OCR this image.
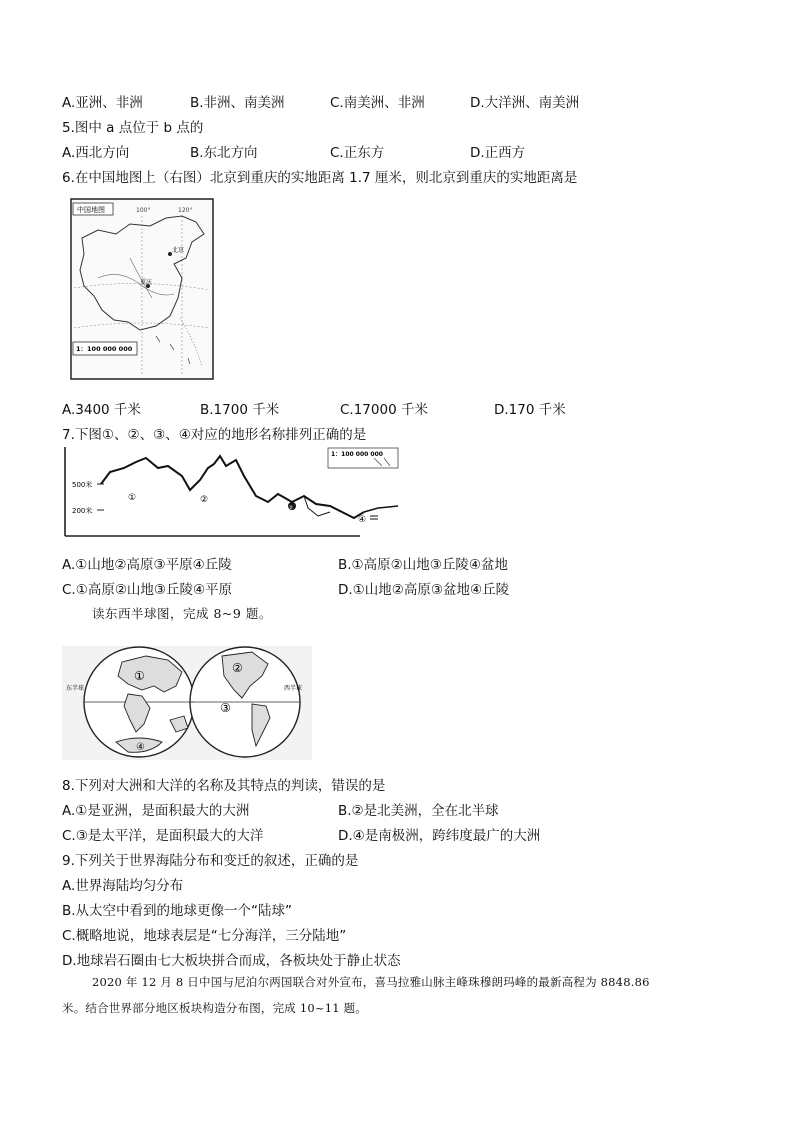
A.亚洲、非洲	B.非洲、南美洲	C.南美洲、非洲	D.大洋洲、南美洲
5.图中 a 点位于 b 点的
A.西北方向	B.东北方向	C.正东方	D.正西方
6.在中国地图上（右图）北京到重庆的实地距离 1.7 厘米，则北京到重庆的实地距离是
中国地图	100°	120°
北京
重庆
1：100 000 000
A.3400 千米	B.1700 千米	C.17000 千米	D.170 千米
7.下图①、②、③、④对应的地形名称排列正确的是
500米
200米
①	②
③
④
1：100 000 000
A.①山地②高原③平原④丘陵	B.①高原②山地③丘陵④盆地
C.①高原②山地③丘陵④平原	D.①山地②高原③盆地④丘陵
读东西半球图，完成 8~9 题。
①
②
③
④
东半球	西半球
8.下列对大洲和大洋的名称及其特点的判读，错误的是
A.①是亚洲，是面积最大的大洲	B.②是北美洲，全在北半球
C.③是太平洋，是面积最大的大洋	D.④是南极洲，跨纬度最广的大洲
9.下列关于世界海陆分布和变迁的叙述，正确的是
A.世界海陆均匀分布
B.从太空中看到的地球更像一个“陆球”
C.概略地说，地球表层是“七分海洋，三分陆地”
D.地球岩石圈由七大板块拼合而成，各板块处于静止状态
2020 年 12 月 8 日中国与尼泊尔两国联合对外宣布，喜马拉雅山脉主峰珠穆朗玛峰的最新高程为 8848.86
米。结合世界部分地区板块构造分布图，完成 10~11 题。
